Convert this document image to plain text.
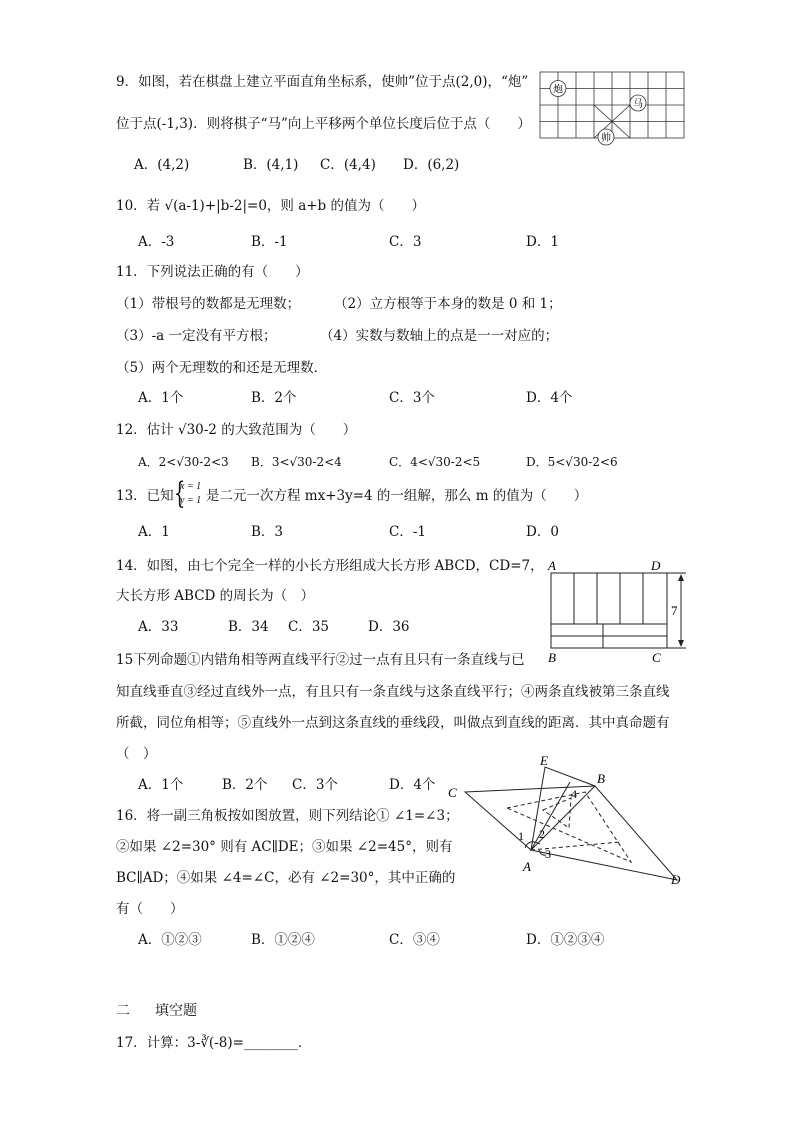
9．如图，若在棋盘上建立平面直角坐标系，使帅”位于点(2,0)，“炮”
位于点(-1,3)．则将棋子“马”向上平移两个单位长度后位于点（　　）
炮
马
帅
A．(4,2)	B．(4,1) C．(4,4) D．(6,2)
10．若 √(a-1)+|b-2|=0，则 a+b 的值为（　　）
A．-3	B．-1	C．3	D．1
11．下列说法正确的有（　　）
（1）带根号的数都是无理数；	（2）立方根等于本身的数是 0 和 1；
（3）-a 一定没有平方根；	（4）实数与数轴上的点是一一对应的；
（5）两个无理数的和还是无理数．
A．1个	B．2个	C．3个	D．4个
12．估计 √30-2 的大致范围为（　　）
A．2<√30-2<3 B．3<√30-2<4	C．4<√30-2<5	D．5<√30-2<6
13．已知 {
x = 1
y = 1 是二元一次方程 mx+3y=4 的一组解，那么 m 的值为（　　）
A．1	B．3	C．-1	D．0
14．如图，由七个完全一样的小长方形组成大长方形 ABCD，CD=7，
大长方形 ABCD 的周长为（　）
A．33	B．34 C．35	D．36
A	D
B	C
7
15下列命题①内错角相等两直线平行②过一点有且只有一条直线与已
知直线垂直③经过直线外一点，有且只有一条直线与这条直线平行；④两条直线被第三条直线
所截，同位角相等；⑤直线外一点到这条直线的垂线段，叫做点到直线的距离．其中真命题有
（　）
A．1个	B．2个 C．3个	D．4个
16．将一副三角板按如图放置，则下列结论① ∠1=∠3；
②如果 ∠2=30° 则有 AC∥DE；③如果 ∠2=45°，则有
BC∥AD；④如果 ∠4=∠C，必有 ∠2=30°，其中正确的
有（　　）
A．①②③	B．①②④	C．③④	D．①②③④
C
E
B
A
D
1 2
3
4
二 填空题
17．计算：3-∛(-8)=________．
